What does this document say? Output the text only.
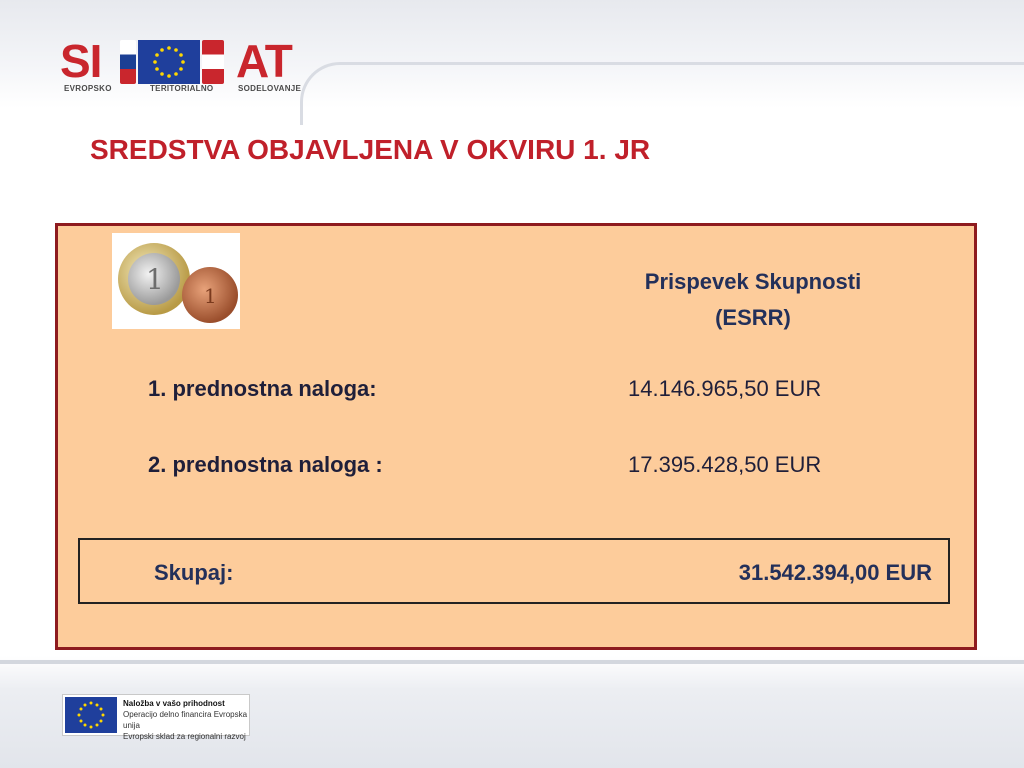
SI	AT
EVROPSKO	TERITORIALNO	SODELOVANJE
SREDSTVA OBJAVLJENA V OKVIRU 1. JR
1 1
Prispevek Skupnosti
(ESRR)
1. prednostna naloga:	14.146.965,50 EUR
2. prednostna naloga :	17.395.428,50 EUR
Skupaj:	31.542.394,00 EUR
Naložba v vašo prihodnost
Operacijo delno financira Evropska unija
Evropski sklad za regionalni razvoj
